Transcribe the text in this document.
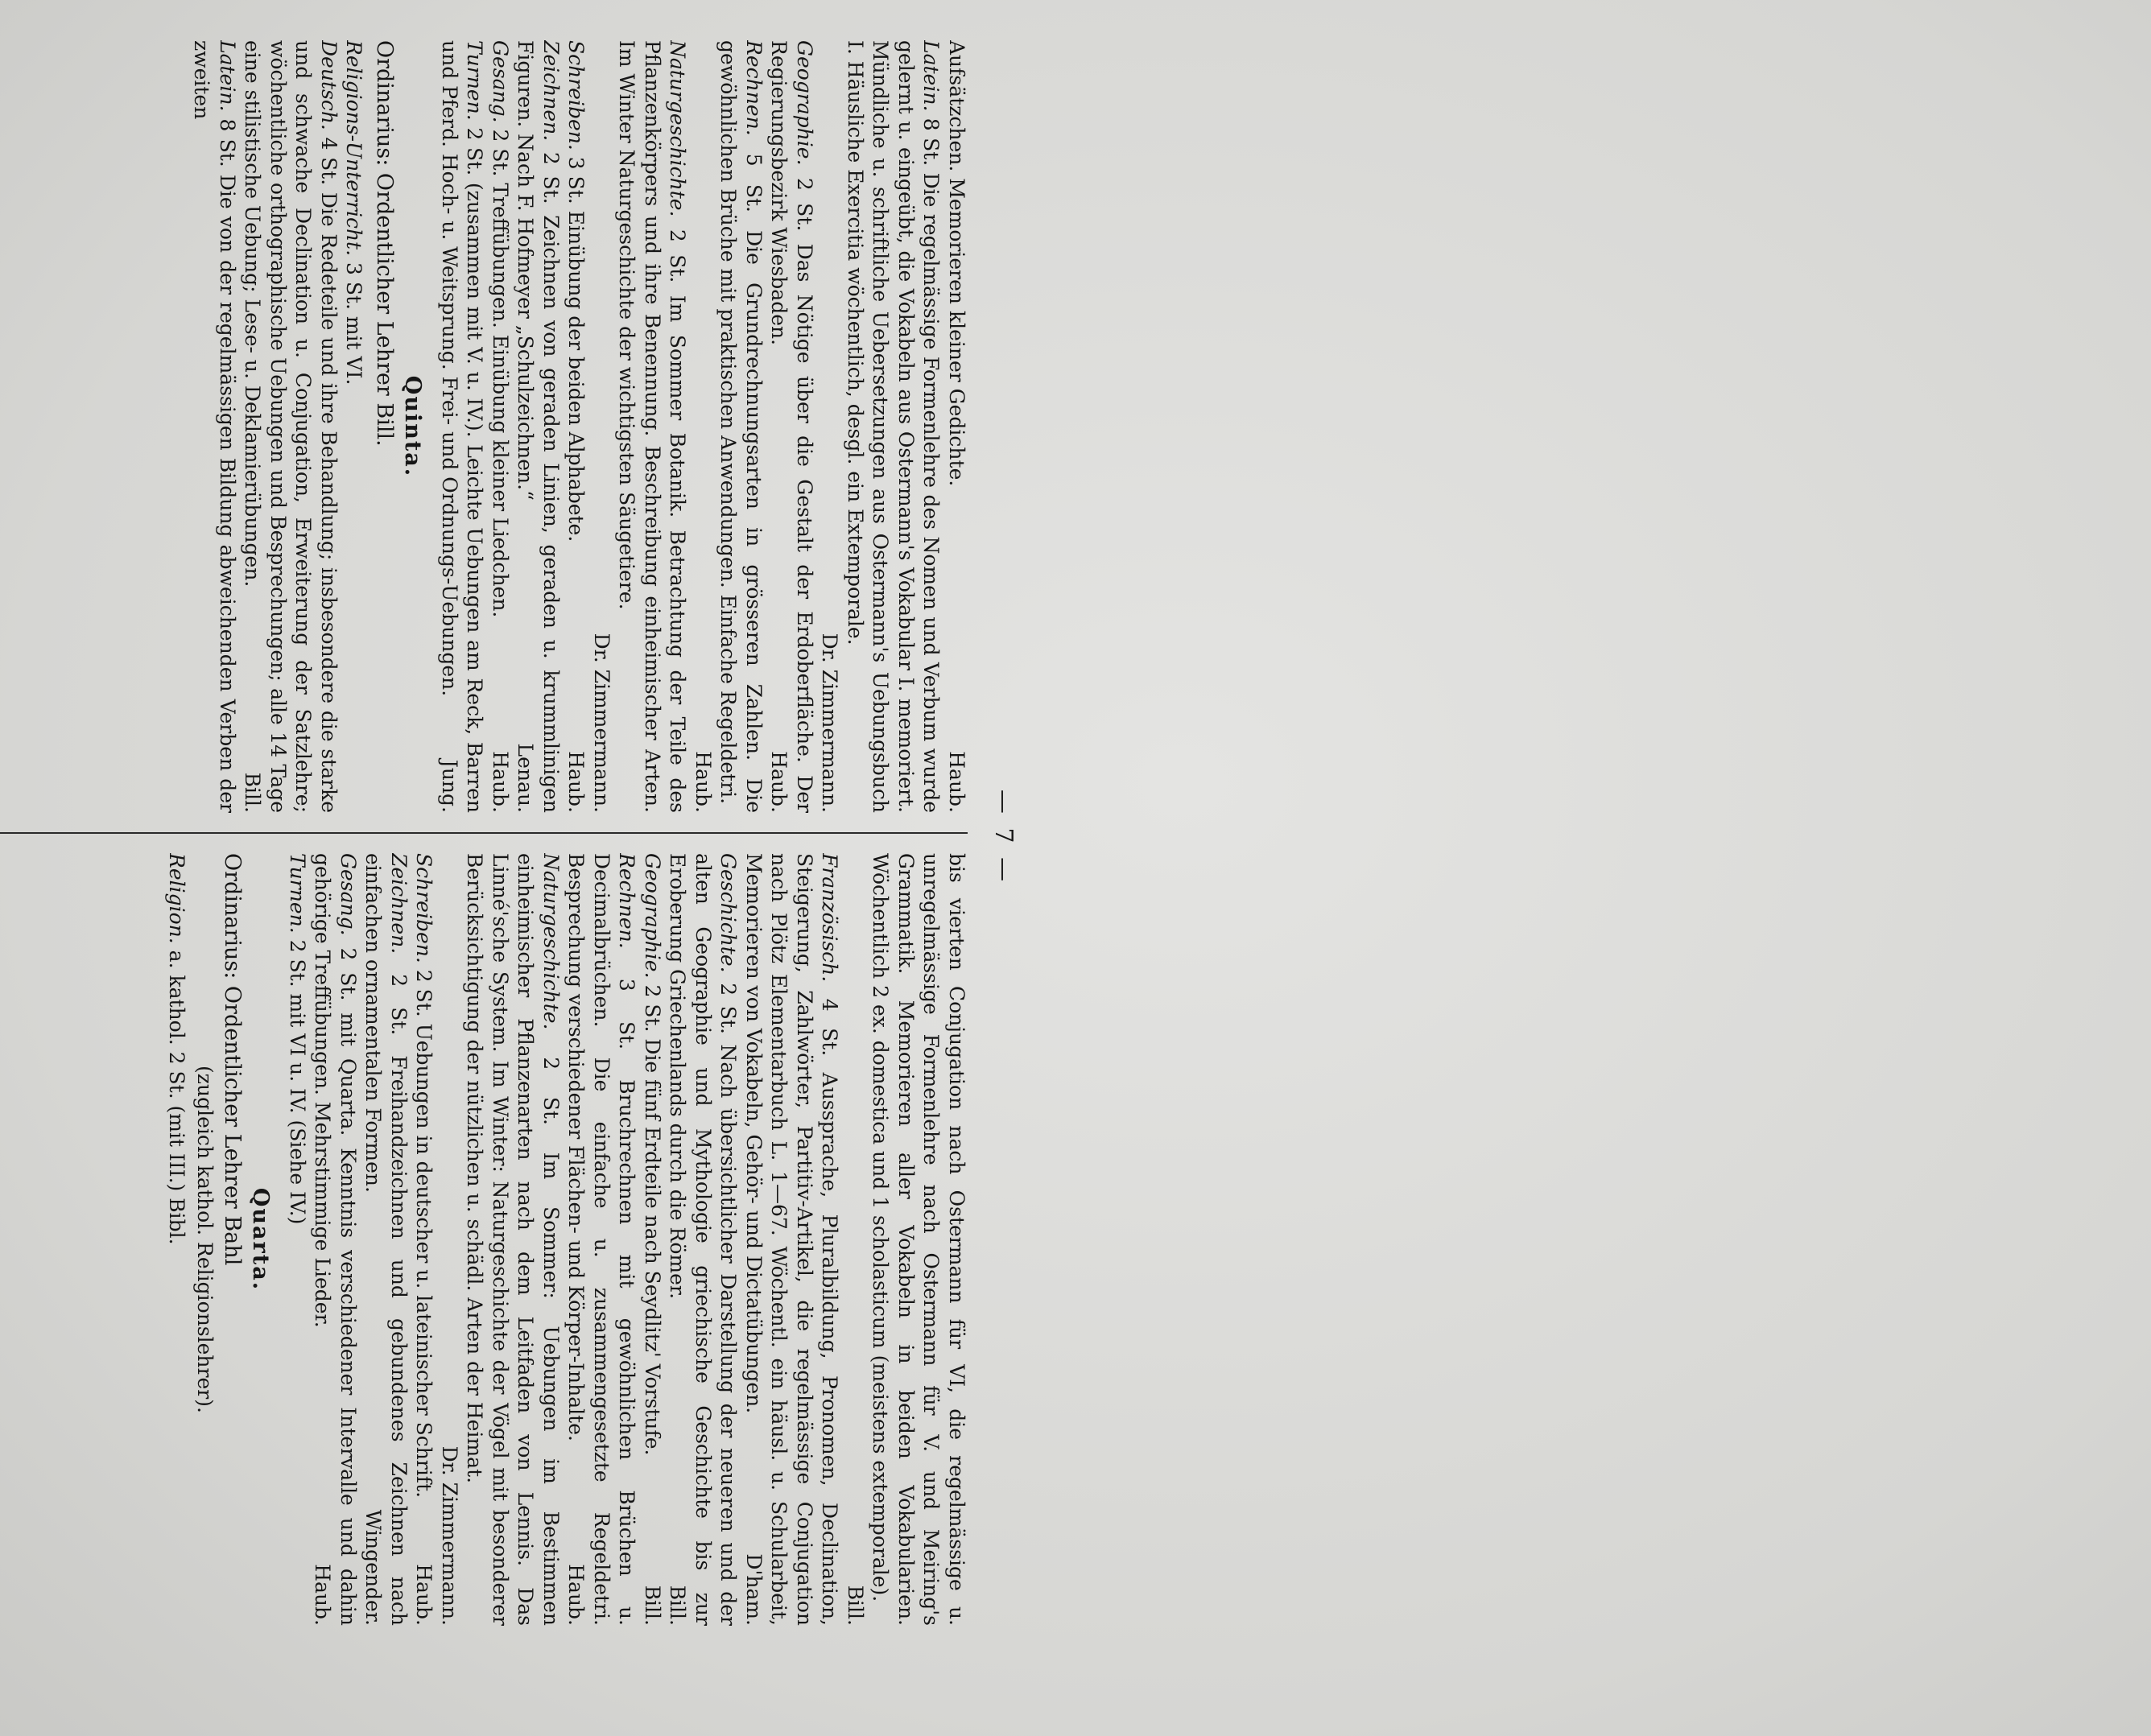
— 7 —

Aufsätzchen. Memorieren kleiner Gedichte.
Haub.

Latein. 8 St. Die regelmässige Formenlehre des Nomen und Verbum wurde gelernt u. eingeübt, die Vokabeln aus Ostermann's Vokabular I. memoriert. Mündliche u. schriftliche Uebersetzungen aus Ostermann's Uebungsbuch I. Häusliche Exercitia wöchentlich, desgl. ein Extemporale.

Dr. Zimmermann.

Geographie. 2 St. Das Nötige über die Gestalt der Erdoberfläche. Der Regierungsbezirk Wiesbaden.
Haub.

Rechnen. 5 St. Die Grundrechnungsarten in grösseren Zahlen. Die gewöhnlichen Brüche mit praktischen Anwendungen. Einfache Regeldetri.
Haub.

Naturgeschichte. 2 St. Im Sommer Botanik. Betrachtung der Teile des Pflanzenkörpers und ihre Benennung. Beschreibung einheimischer Arten. Im Winter Naturgeschichte der wichtigsten Säugetiere.

Dr. Zimmermann.

Schreiben. 3 St. Einübung der beiden Alphabete.
Haub.

Zeichnen. 2 St. Zeichnen von geraden Linien, geraden u. krummlinigen Figuren. Nach F. Hofmeyer „Schulzeichnen.“
Lenau.

Gesang. 2 St. Treffübungen. Einübung kleiner Liedchen.
Haub.

Turnen. 2 St. (zusammen mit V. u. IV.). Leichte Uebungen am Reck, Barren und Pferd. Hoch- u. Weitsprung. Frei- und Ordnungs-Uebungen.
Jung.

Quinta.

Ordinarius: Ordentlicher Lehrer Bill.

Religions-Unterricht. 3 St. mit VI.

Deutsch. 4 St. Die Redeteile und ihre Behandlung; insbesondere die starke und schwache Declination u. Conjugation, Erweiterung der Satzlehre; wöchentliche orthographische Uebungen und Besprechungen; alle 14 Tage eine stilistische Uebung; Lese- u. Deklamierübungen.
Bill.

Latein. 8 St. Die von der regelmässigen Bildung abweichenden Verben der zweiten

bis vierten Conjugation nach Ostermann für VI, die regelmässige u. unregelmässige Formenlehre nach Ostermann für V. und Meiring's Grammatik. Memorieren aller Vokabeln in beiden Vokabularien. Wöchentlich 2 ex. domestica und 1 scholasticum (meistens extemporale).
Bill.

Französisch. 4 St. Aussprache, Pluralbildung, Pronomen, Declination, Steigerung, Zahlwörter, Partitiv-Artikel, die regelmässige Conjugation nach Plötz Elementarbuch L. 1—67. Wöchentl. ein häusl. u. Schularbeit, Memorieren von Vokabeln, Gehör- und Dictatübungen.
D'ham.

Geschichte. 2 St. Nach übersichtlicher Darstellung der neueren und der alten Geographie und Mythologie griechische Geschichte bis zur Eroberung Griechenlands durch die Römer.
Bill.

Geographie. 2 St. Die fünf Erdteile nach Seydlitz' Vorstufe.
Bill.

Rechnen. 3 St. Bruchrechnen mit gewöhnlichen Brüchen u. Decimalbrüchen. Die einfache u. zusammengesetzte Regeldetri. Besprechung verschiedener Flächen- und Körper-Inhalte.
Haub.

Naturgeschichte. 2 St. Im Sommer: Uebungen im Bestimmen einheimischer Pflanzenarten nach dem Leitfaden von Lennis. Das Linné'sche System. Im Winter: Naturgeschichte der Vögel mit besonderer Berücksichtigung der nützlichen u. schädl. Arten der Heimat.

Dr. Zimmermann.

Schreiben. 2 St. Uebungen in deutscher u. lateinischer Schrift.
Haub.

Zeichnen. 2 St. Freihandzeichnen und gebundenes Zeichnen nach einfachen ornamentalen Formen.
Wingender.

Gesang. 2 St. mit Quarta. Kenntnis verschiedener Intervalle und dahin gehörige Treffübungen. Mehrstimmige Lieder.
Haub.

Turnen. 2 St. mit VI u. IV. (Siehe IV.)

Quarta.

Ordinarius: Ordentlicher Lehrer Bahl

(zugleich kathol. Religionslehrer).

Religion. a. kathol. 2 St. (mit III.) Bibl.
